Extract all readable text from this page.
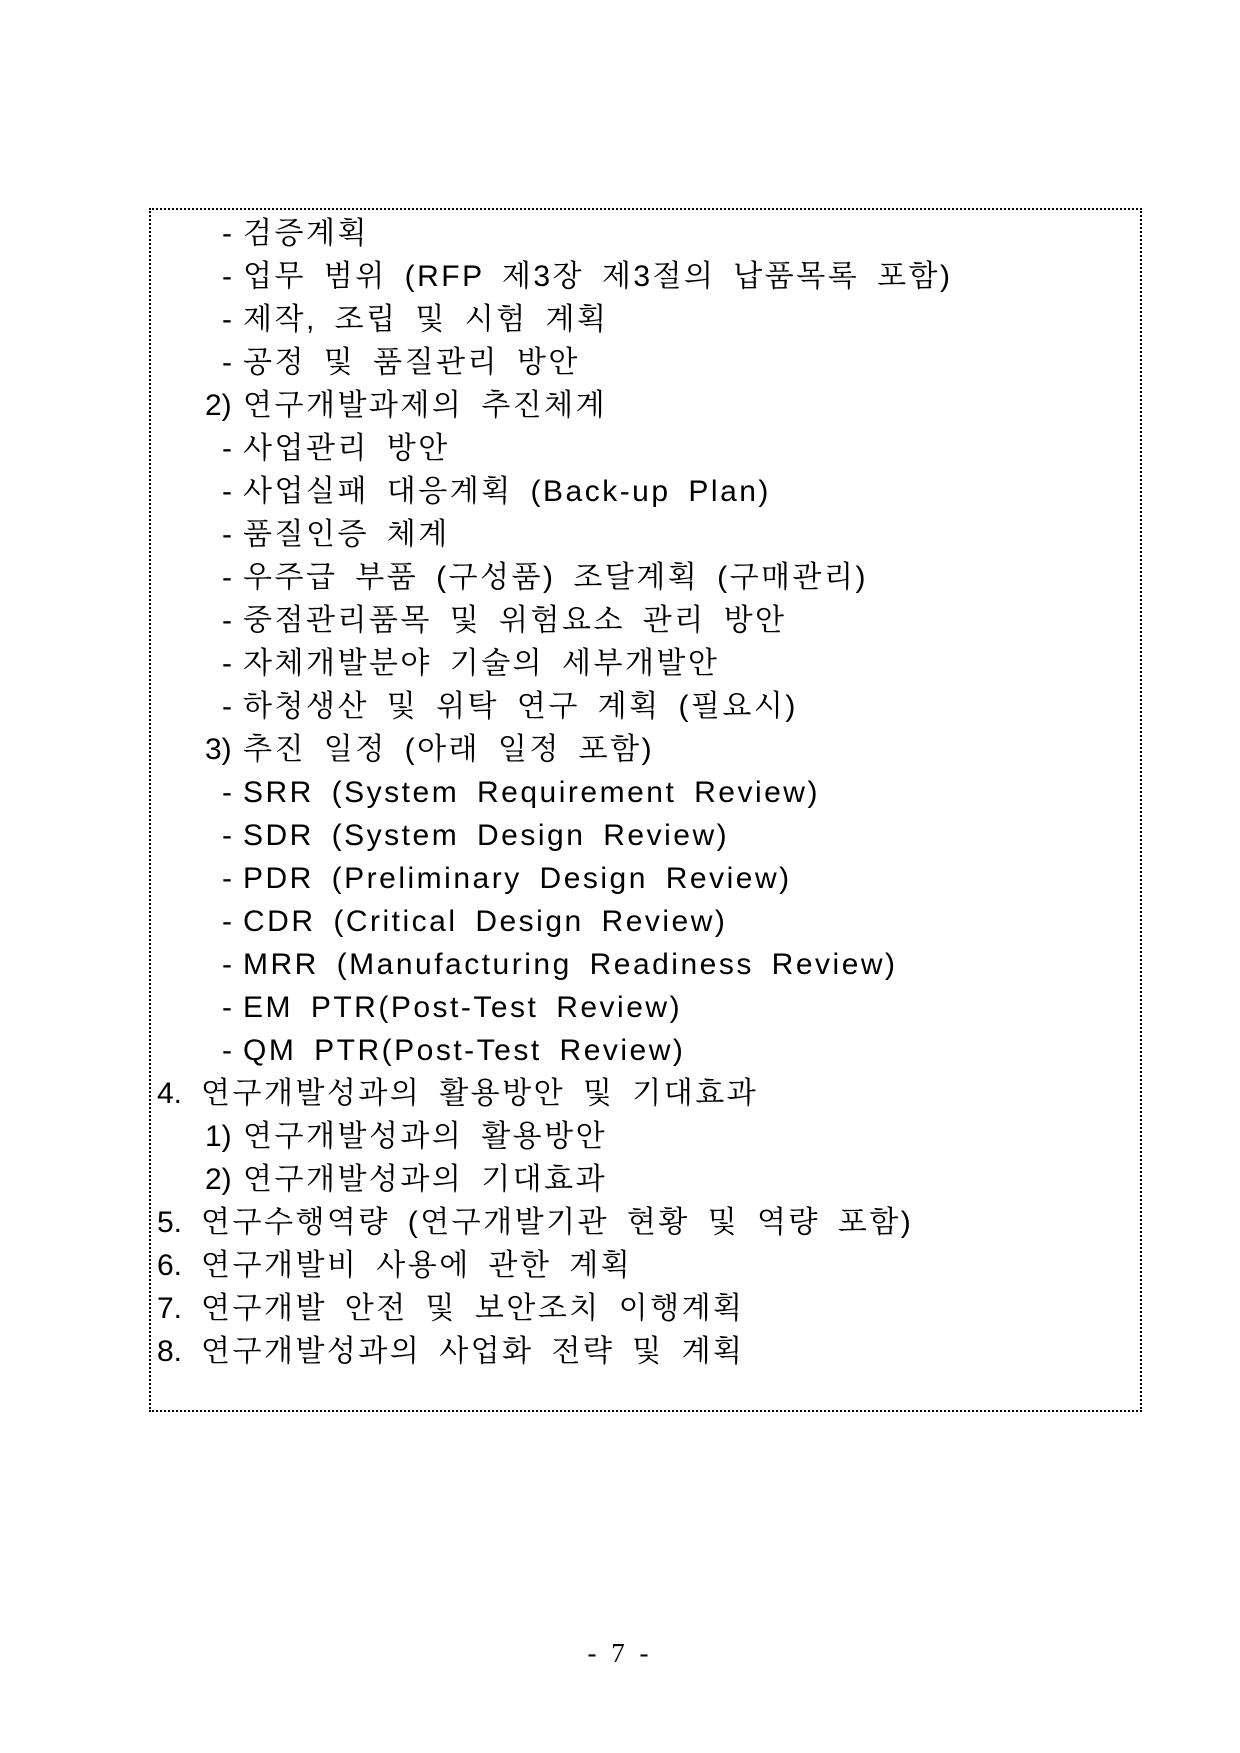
- 검증계획
- 업무 범위 (RFP 제3장 제3절의 납품목록 포함)
- 제작, 조립 및 시험 계획
- 공정 및 품질관리 방안
2) 연구개발과제의 추진체계
- 사업관리 방안
- 사업실패 대응계획 (Back-up Plan)
- 품질인증 체계
- 우주급 부품 (구성품) 조달계획 (구매관리)
- 중점관리품목 및 위험요소 관리 방안
- 자체개발분야 기술의 세부개발안
- 하청생산 및 위탁 연구 계획 (필요시)
3) 추진 일정 (아래 일정 포함)
- SRR (System Requirement Review)
- SDR (System Design Review)
- PDR (Preliminary Design Review)
- CDR (Critical Design Review)
- MRR (Manufacturing Readiness Review)
- EM PTR(Post-Test Review)
- QM PTR(Post-Test Review)
4. 연구개발성과의 활용방안 및 기대효과
1) 연구개발성과의 활용방안
2) 연구개발성과의 기대효과
5. 연구수행역량 (연구개발기관 현황 및 역량 포함)
6. 연구개발비 사용에 관한 계획
7. 연구개발 안전 및 보안조치 이행계획
8. 연구개발성과의 사업화 전략 및 계획
- 7 -
